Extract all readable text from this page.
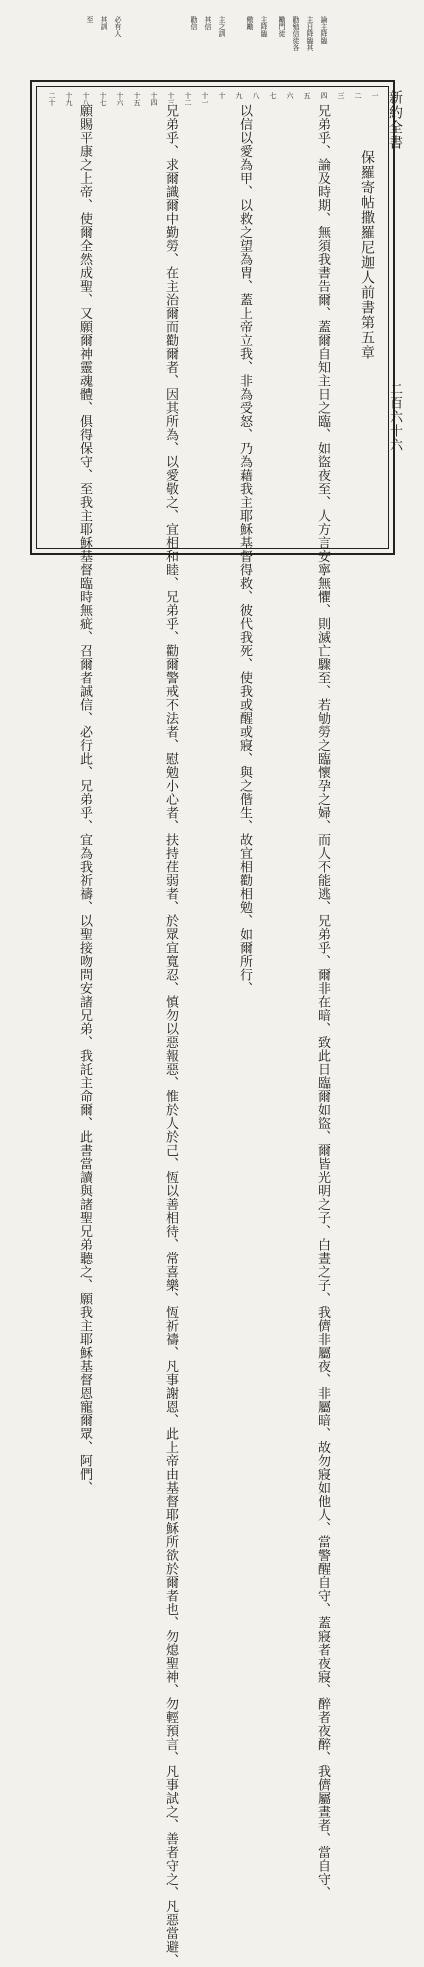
新約全書
保羅寄帖撒羅尼迦人前書第五章
二百六十六
論主降臨
主日降臨其
勸勉信徒各
勵門徒
主降臨
儆勵
主之訓
其信
勸信
必有人
其訓
至
一
二
三
四
五
六
七
八
九
十
十一
十二
十三
十四
十五
十六
十七
十八
十九
二十
兄弟乎、論及時期、無須我書告爾、蓋爾自知主日之臨、如盜夜至、人方言安寧無懼、則滅亡驟至、若劬勞之臨懷孕之婦、而人不能逃、兄弟乎、爾非在暗、致此日臨爾如盜、爾皆光明之子、白晝之子、我儕非屬夜、非屬暗、故勿寢如他人、當警醒自守、蓋寢者夜寢、醉者夜醉、我儕屬晝者、當自守、
以信以愛為甲、以救之望為胄、蓋上帝立我、非為受怒、乃為藉我主耶穌基督得救、彼代我死、使我或醒或寢、與之偕生、故宜相勸相勉、如爾所行、
兄弟乎、求爾識爾中勤勞、在主治爾而勸爾者、因其所為、以愛敬之、宜相和睦、兄弟乎、勸爾警戒不法者、慰勉小心者、扶持荏弱者、於眾宜寬忍、慎勿以惡報惡、惟於人於己、恆以善相待、常喜樂、恆祈禱、凡事謝恩、此上帝由基督耶穌所欲於爾者也、勿熄聖神、勿輕預言、凡事試之、善者守之、凡惡當避、
願賜平康之上帝、使爾全然成聖、又願爾神靈魂體、俱得保守、至我主耶穌基督臨時無疵、召爾者誠信、必行此、兄弟乎、宜為我祈禱、以聖接吻問安諸兄弟、我託主命爾、此書當讀與諸聖兄弟聽之、願我主耶穌基督恩寵爾眾、阿們、
